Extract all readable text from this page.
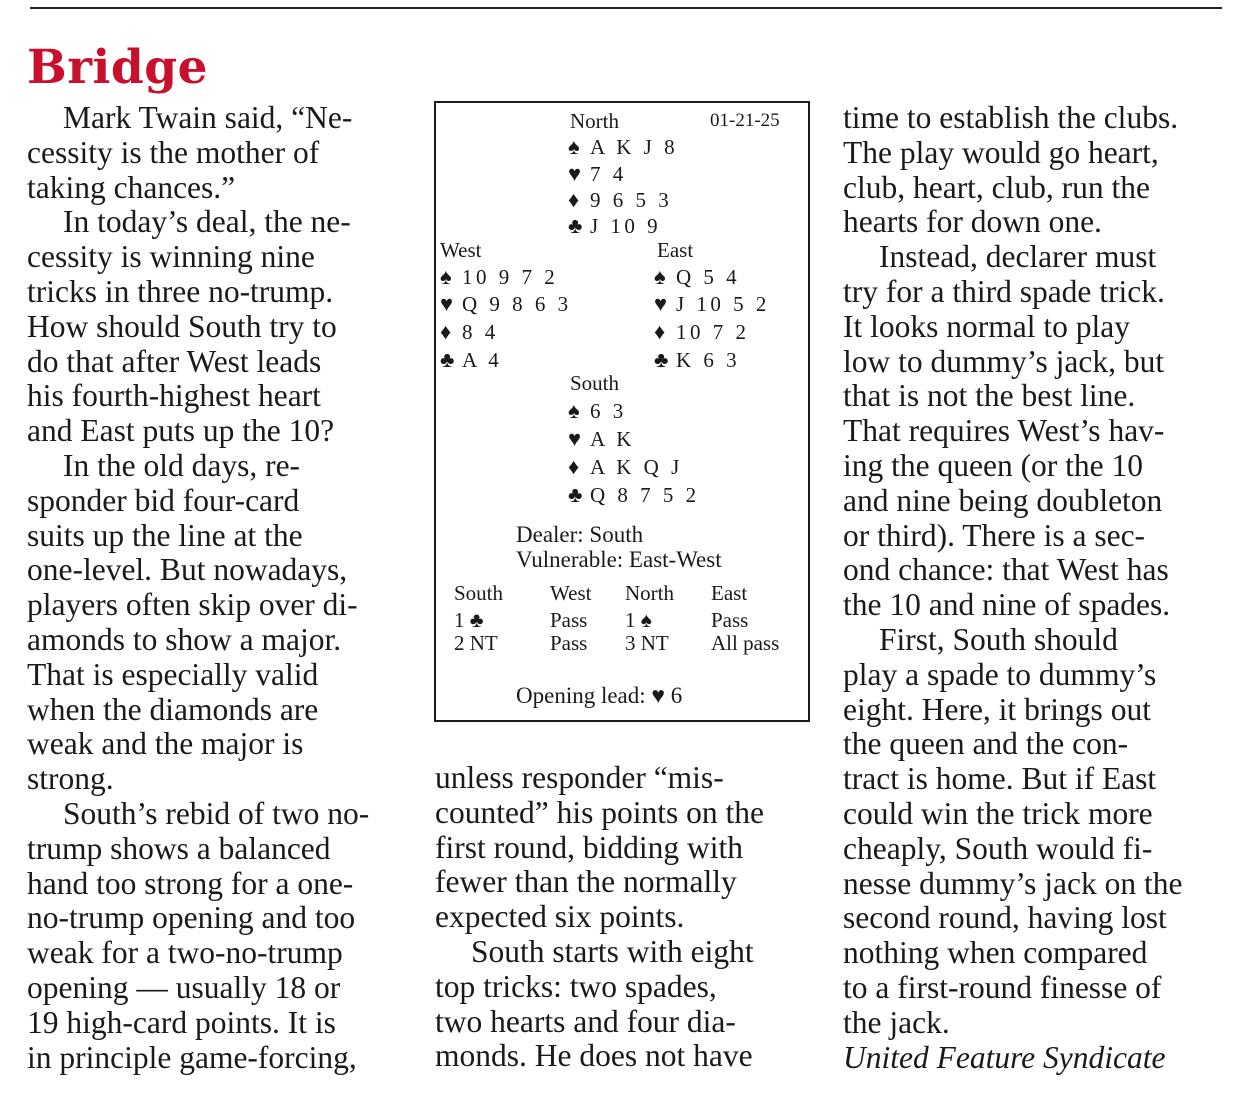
Bridge
Mark Twain said, “Ne-
cessity is the mother of
taking chances.”
In today’s deal, the ne-
cessity is winning nine
tricks in three no-trump.
How should South try to
do that after West leads
his fourth-highest heart
and East puts up the 10?
In the old days, re-
sponder bid four-card
suits up the line at the
one-level. But nowadays,
players often skip over di-
amonds to show a major.
That is especially valid
when the diamonds are
weak and the major is
strong.
South’s rebid of two no-
trump shows a balanced
hand too strong for a one-
no-trump opening and too
weak for a two-no-trump
opening — usually 18 or
19 high-card points. It is
in principle game-forcing,
North	01-21-25
♠ A K J 8
♥ 7 4
♦ 9 6 5 3
♣ J 10 9
West	East
♠ 10 9 7 2
♥ Q 9 8 6 3
♦ 8 4
♣ A 4
♠ Q 5 4
♥ J 10 5 2
♦ 10 7 2
♣ K 6 3
South
♠ 6 3
♥ A K
♦ A K Q J
♣ Q 8 7 5 2
Dealer: South
Vulnerable: East-West
South West North East
1 ♣	Pass 1 ♠	Pass
2 NT Pass 3 NT All pass
Opening lead: ♥ 6
unless responder “mis-
counted” his points on the
first round, bidding with
fewer than the normally
expected six points.
South starts with eight
top tricks: two spades,
two hearts and four dia-
monds. He does not have
time to establish the clubs.
The play would go heart,
club, heart, club, run the
hearts for down one.
Instead, declarer must
try for a third spade trick.
It looks normal to play
low to dummy’s jack, but
that is not the best line.
That requires West’s hav-
ing the queen (or the 10
and nine being doubleton
or third). There is a sec-
ond chance: that West has
the 10 and nine of spades.
First, South should
play a spade to dummy’s
eight. Here, it brings out
the queen and the con-
tract is home. But if East
could win the trick more
cheaply, South would fi-
nesse dummy’s jack on the
second round, having lost
nothing when compared
to a first-round finesse of
the jack.
United Feature Syndicate
